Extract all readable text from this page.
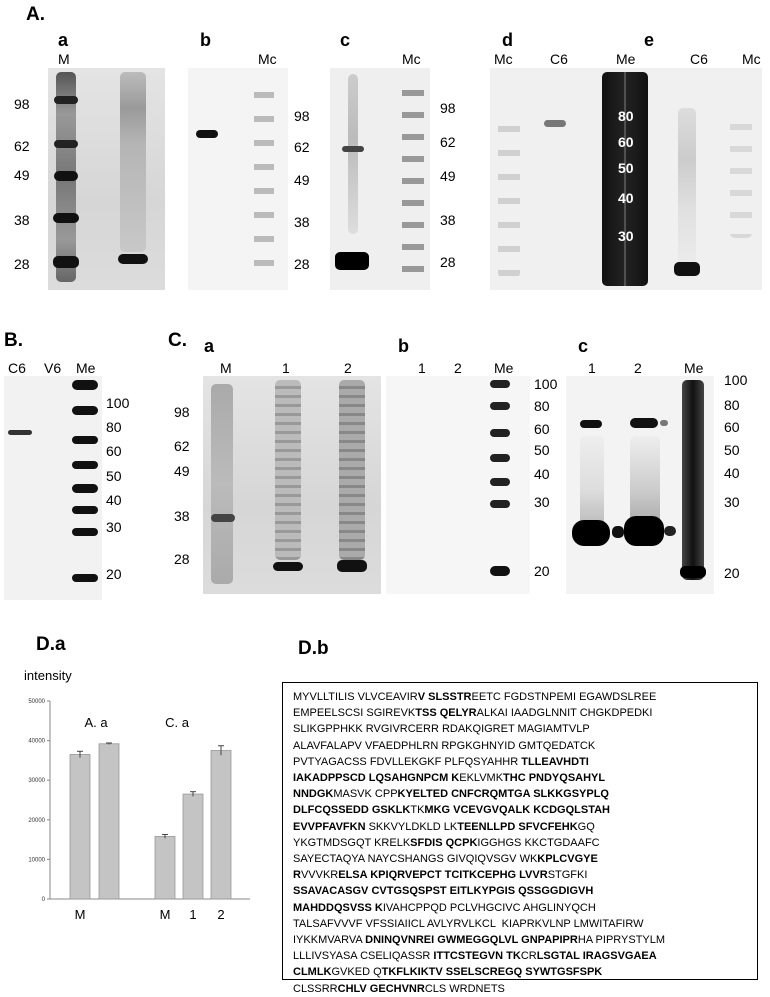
A.
a
M
98
62
49
38
28
b
Mc
98
62
49
38
28
c
Mc
98
62
49
38
28
d	e
Mc	C6	Me	C6 Mc
80
60
50
40
30
B.
C6 V6 Me
100
80
60
50
40
30
20
C. a
M	1	2
98
62
49
38
28
b
1 2 Me
100
80
60
50
40
30
20
c
1	2	Me
100
80
60
50
40
30
20
D.a
intensity
0
10000
20000
30000
40000
50000
M	M 1 2
A. a	C. a
D.b
MYVLLTILIS VLVCEAVIRV SLSSTREETC FGDSTNPEMI EGAWDSLREE
EMPEELSCSI SGIREVKTSS QELYRALKAI IAADGLNNIT CHGKDPEDKI
SLIKGPPHKK RVGIVRCERR RDAKQIGRET MAGIAMTVLP
ALAVFALAPV VFAEDPHLRN RPGKGHNYID GMTQEDATCK
PVTYAGACSS FDVLLEKGKF PLFQSYAHHR TLLEAVHDTI
IAKADPPSCD LQSAHGNPCM KEKLVMKTHC PNDYQSAHYL
NNDGKMASVK CPPKYELTED CNFCRQMTGA SLKKGSYPLQ
DLFCQSSEDD GSKLKTKMKG VCEVGVQALK KCDGQLSTAH
EVVPFAVFKN SKKVYLDKLD LKTEENLLPD SFVCFEHKGQ
YKGTMDSGQT KRELKSFDIS QCPKIGGHGS KKCTGDAAFC
SAYECTAQYA NAYCSHANGS GIVQIQVSGV WKKPLCVGYE
RVVVKRELSA KPIQRVEPCT TCITKCEPHG LVVRSTGFKI
SSAVACASGV CVTGSQSPST EITLKYPGIS QSSGGDIGVH
MAHDDQSVSS KIVAHCPPQD PCLVHGCIVC AHGLINYQCH
TALSAFVVVF VFSSIAIICL AVLYRVLKCL  KIAPRKVLNP LMWITAFIRW
IYKKMVARVA DNINQVNREI GWMEGGQLVL GNPAPIPRHA PIPRYSTYLM
LLLIVSYASA CSELIQASSR ITTCSTEGVN TKCRLSGTAL IRAGSVGAEA
CLMLKGVKED QTKFLKIKTV SSELSCREGQ SYWTGSFSPK
CLSSRRCHLV GECHVNRCLS WRDNETS
